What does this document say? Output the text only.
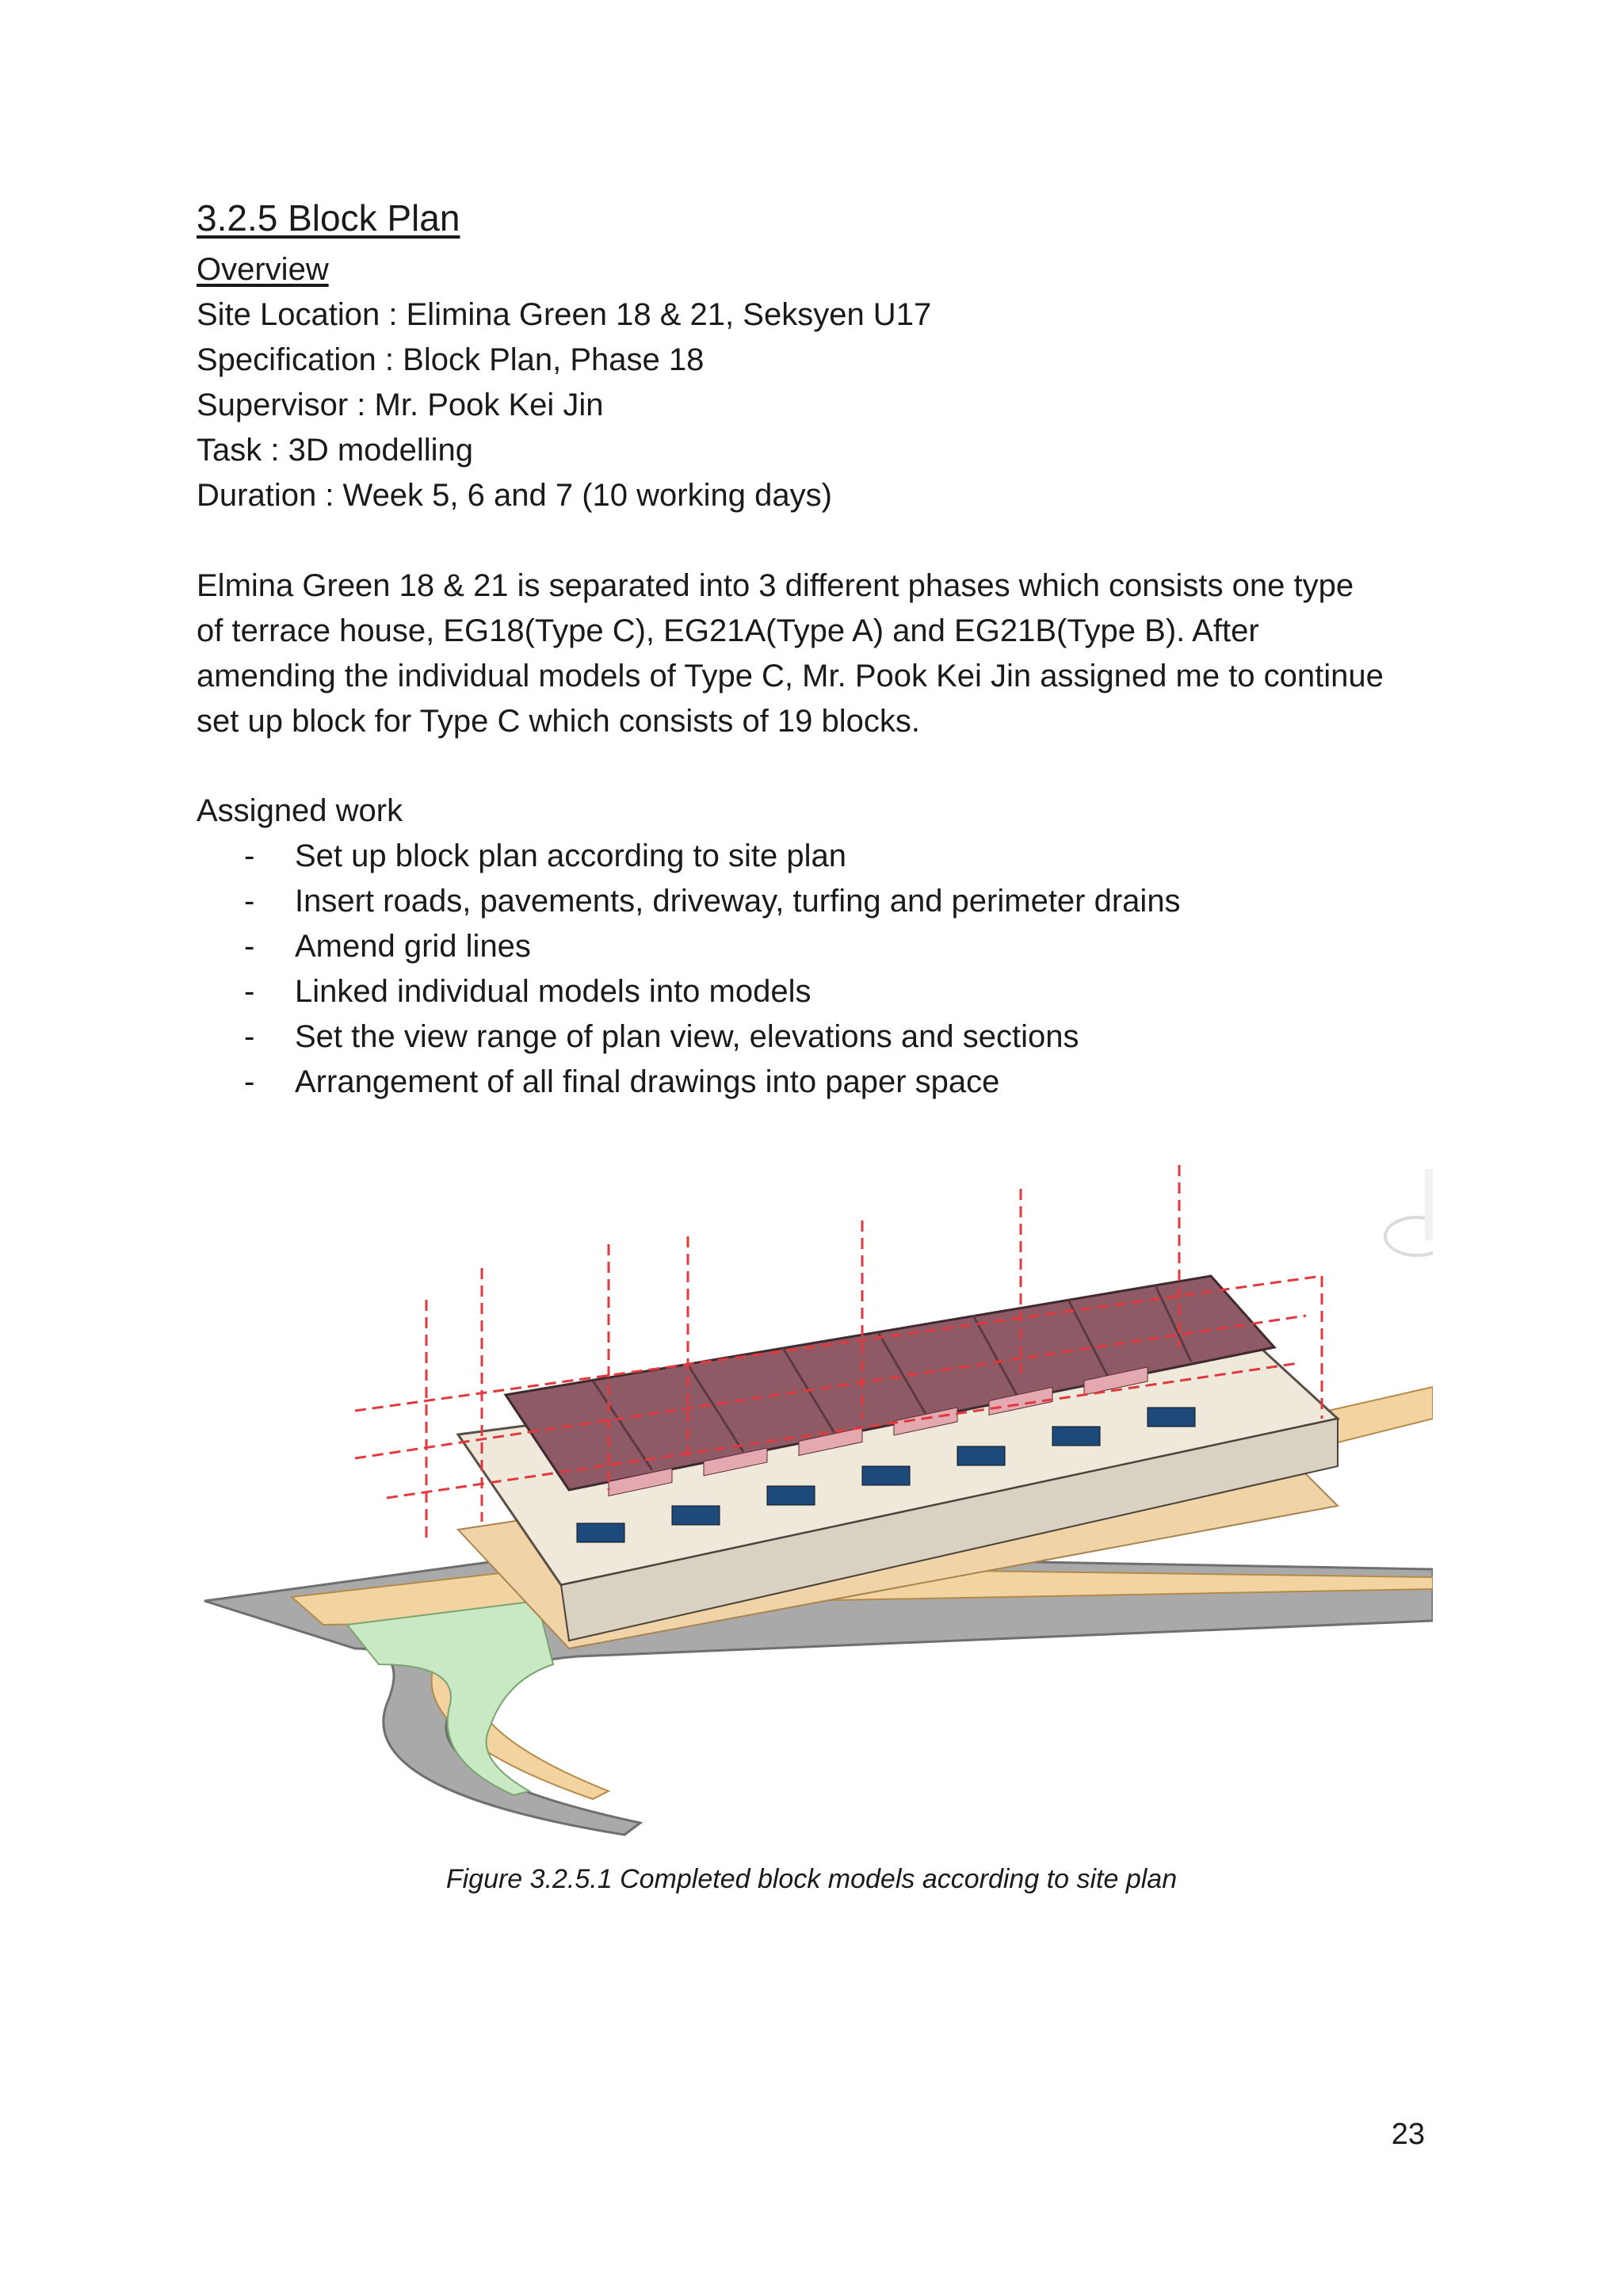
3.2.5 Block Plan
Overview
Site Location : Elimina Green 18 & 21, Seksyen U17
Specification : Block Plan, Phase 18
Supervisor : Mr. Pook Kei Jin
Task : 3D modelling
Duration : Week 5, 6 and 7 (10 working days)
Elmina Green 18 & 21 is separated into 3 different phases which consists one type
of terrace house, EG18(Type C), EG21A(Type A) and EG21B(Type B). After
amending the individual models of Type C, Mr. Pook Kei Jin assigned me to continue
set up block for Type C which consists of 19 blocks.
Assigned work
- Set up block plan according to site plan
- Insert roads, pavements, driveway, turfing and perimeter drains
- Amend grid lines
- Linked individual models into models
- Set the view range of plan view, elevations and sections
- Arrangement of all final drawings into paper space
Figure 3.2.5.1 Completed block models according to site plan
23
